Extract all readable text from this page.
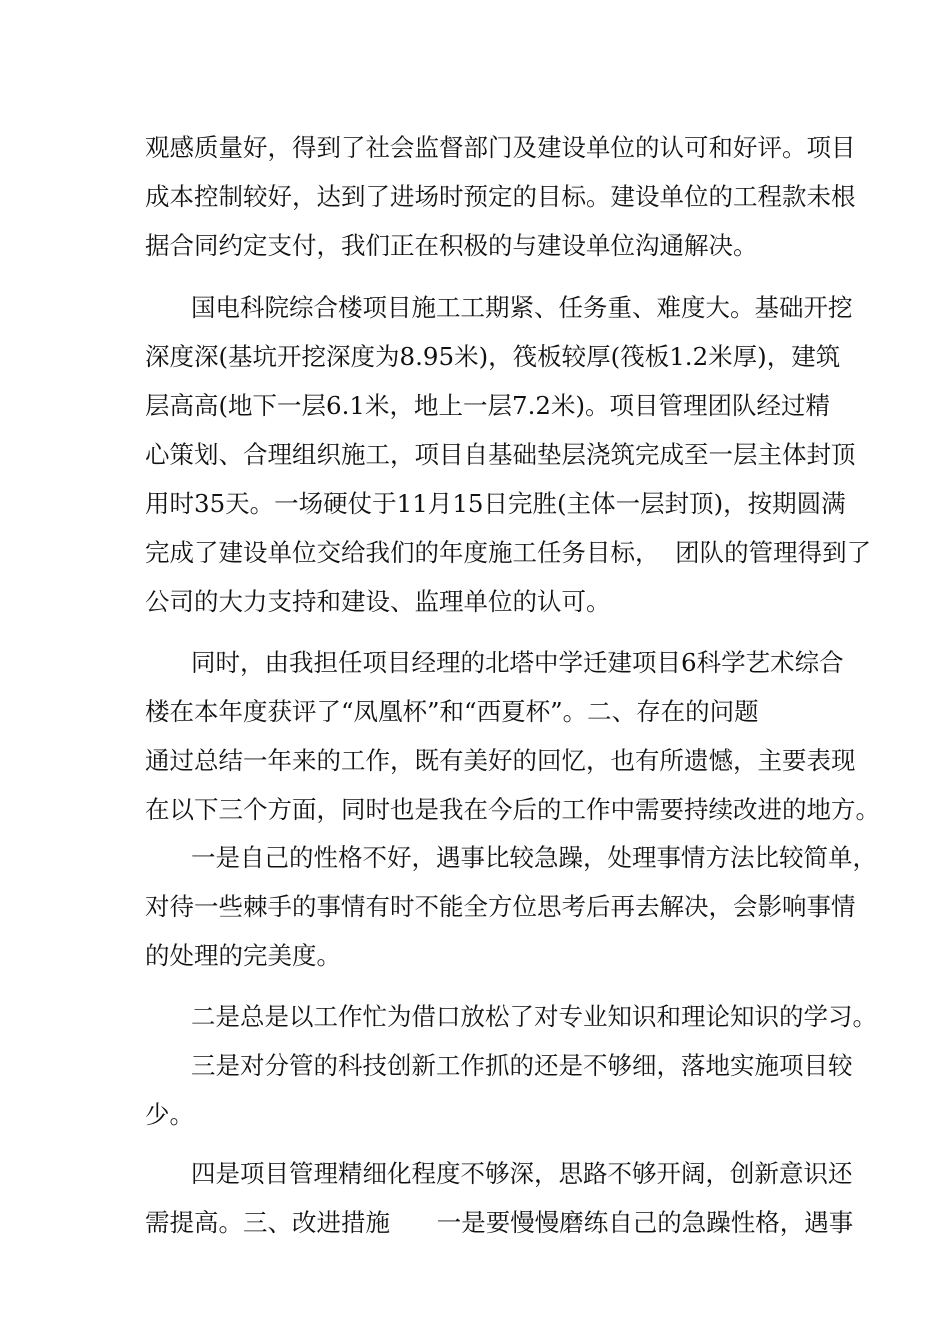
观感质量好，得到了社会监督部门及建设单位的认可和好评。项目
成本控制较好，达到了进场时预定的目标。建设单位的工程款未根
据合同约定支付，我们正在积极的与建设单位沟通解决。
国电科院综合楼项目施工工期紧、任务重、难度大。基础开挖
深度深(基坑开挖深度为8.95米)，筏板较厚(筏板1.2米厚)，建筑
层高高(地下一层6.1米，地上一层7.2米)。项目管理团队经过精
心策划、合理组织施工，项目自基础垫层浇筑完成至一层主体封顶
用时35天。一场硬仗于11月15日完胜(主体一层封顶)，按期圆满
完成了建设单位交给我们的年度施工任务目标，  团队的管理得到了
公司的大力支持和建设、监理单位的认可。
同时，由我担任项目经理的北塔中学迁建项目6科学艺术综合
楼在本年度获评了“凤凰杯”和“西夏杯”。二、存在的问题
通过总结一年来的工作，既有美好的回忆，也有所遗憾，主要表现
在以下三个方面，同时也是我在今后的工作中需要持续改进的地方。
一是自己的性格不好，遇事比较急躁，处理事情方法比较简单，
对待一些棘手的事情有时不能全方位思考后再去解决，会影响事情
的处理的完美度。
二是总是以工作忙为借口放松了对专业知识和理论知识的学习。
三是对分管的科技创新工作抓的还是不够细，落地实施项目较
少。
四是项目管理精细化程度不够深，思路不够开阔，创新意识还
需提高。三、改进措施      一是要慢慢磨练自己的急躁性格，遇事
